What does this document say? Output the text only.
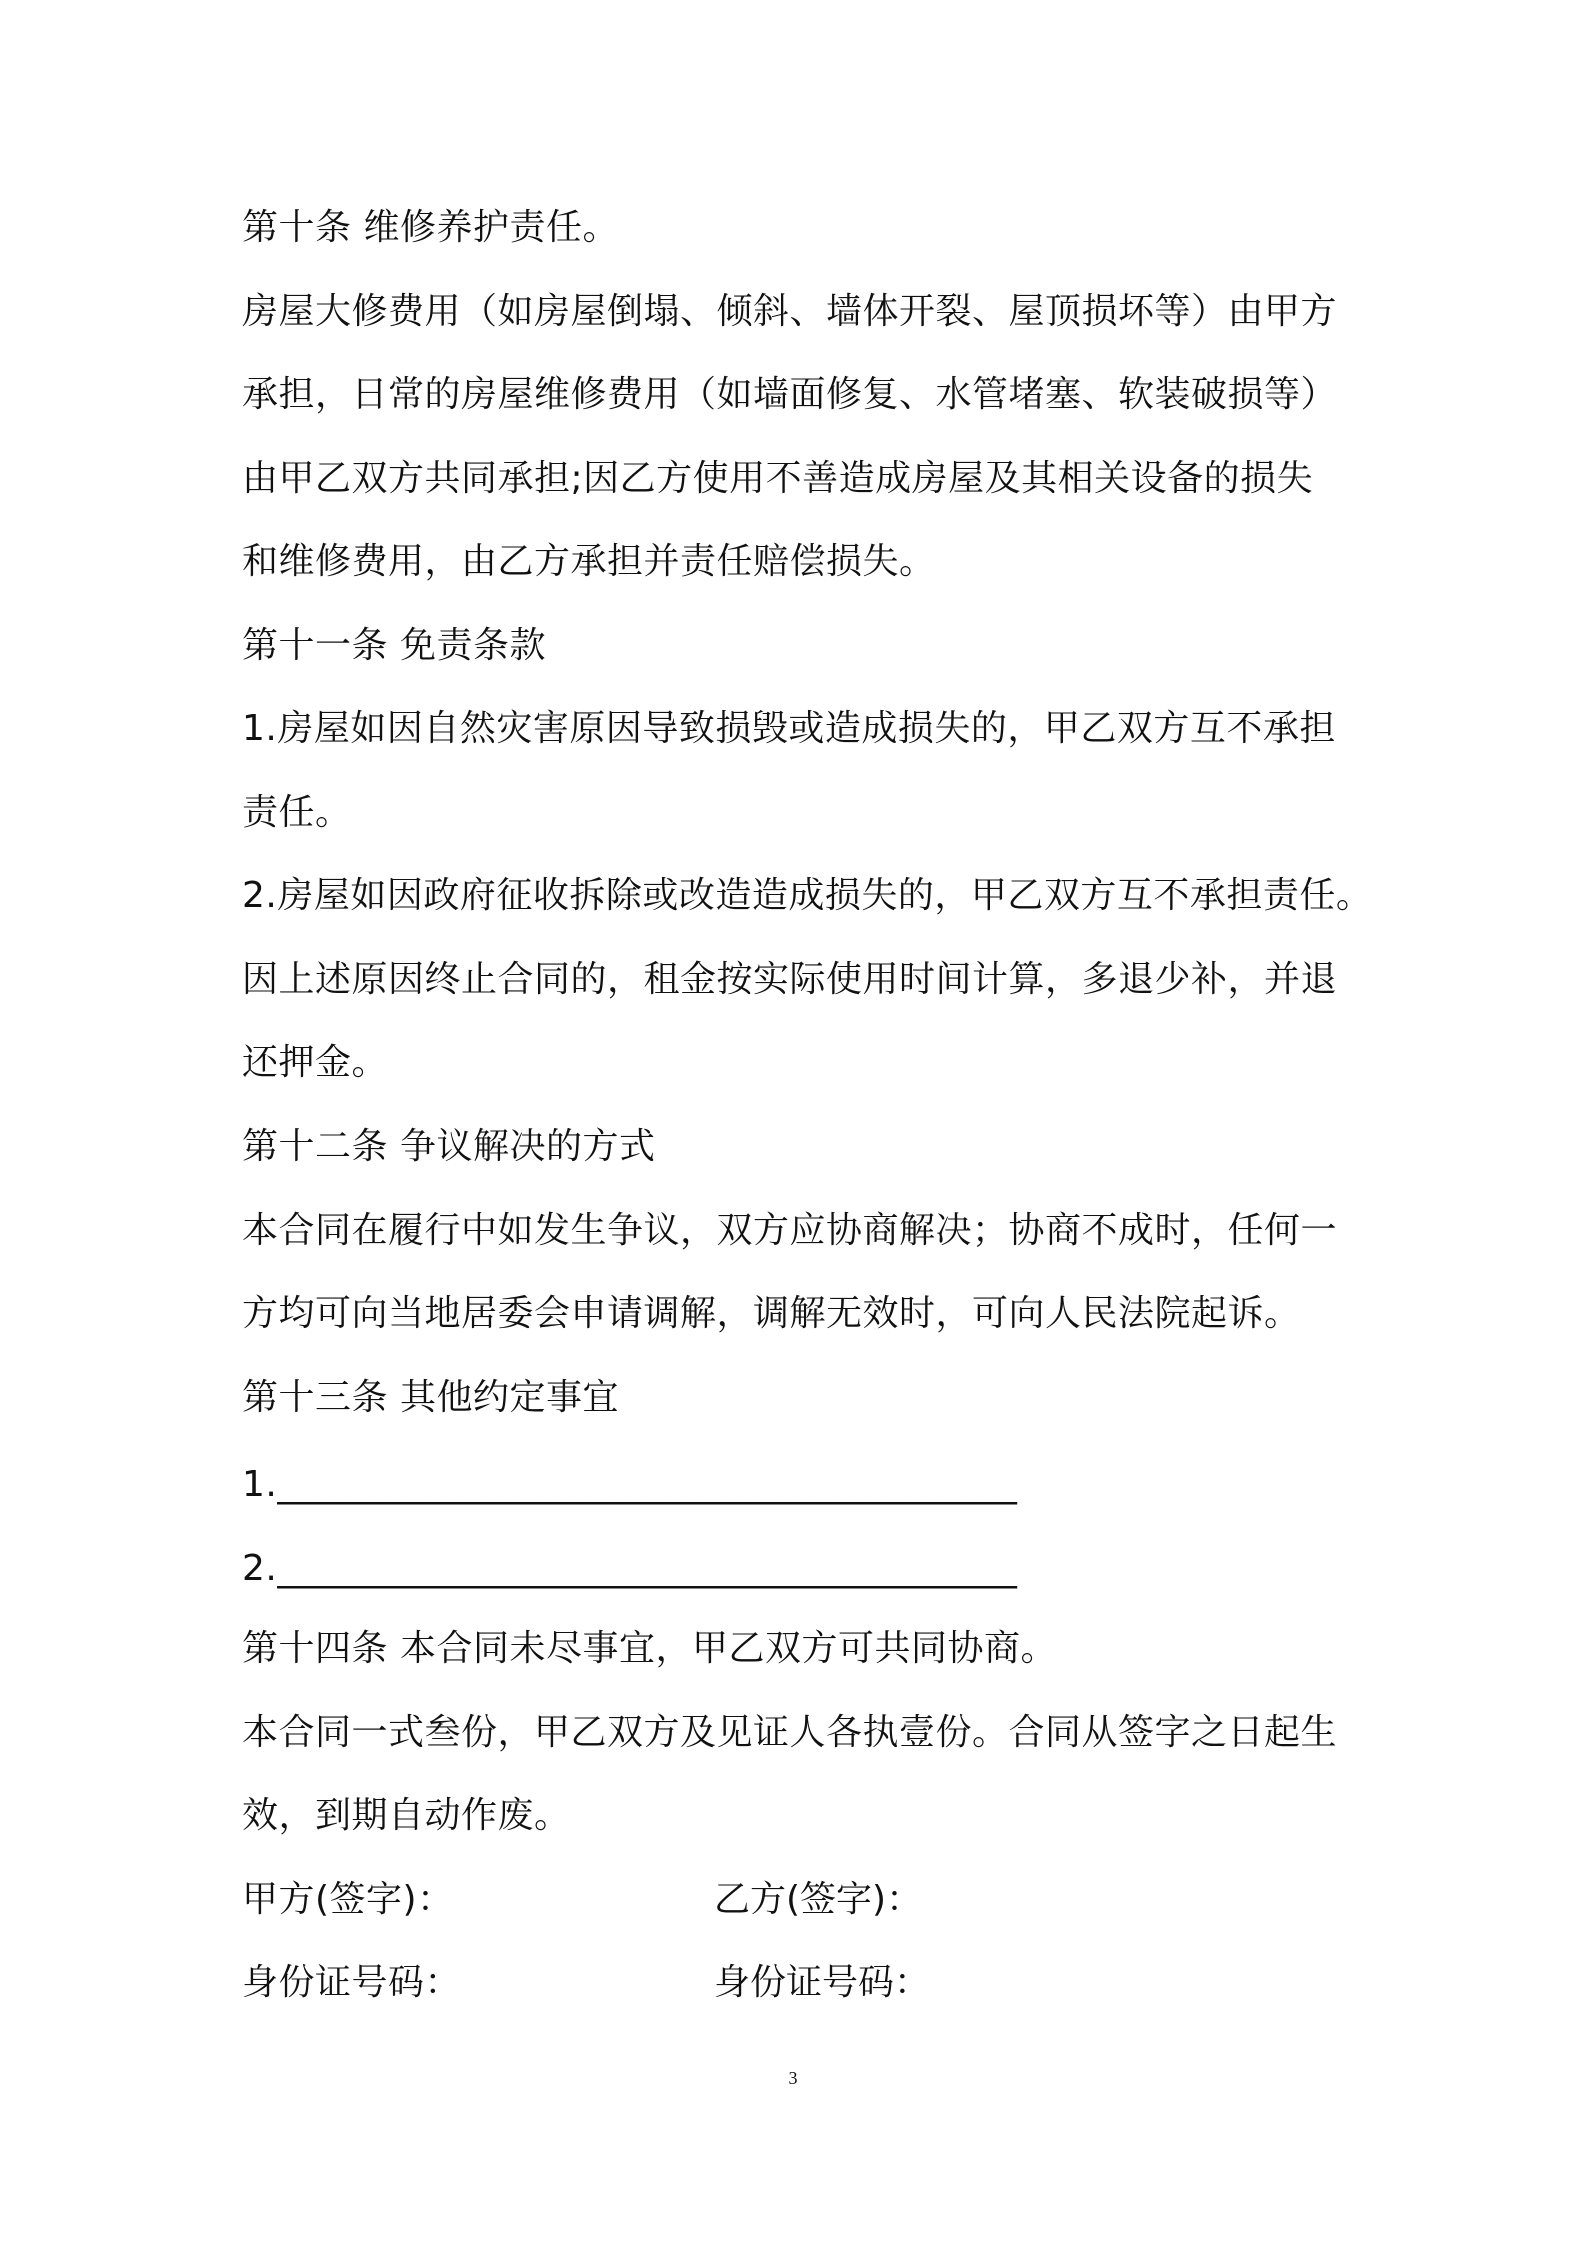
第十条 维修养护责任。
房屋大修费用（如房屋倒塌、倾斜、墙体开裂、屋顶损坏等）由甲方
承担，日常的房屋维修费用（如墙面修复、水管堵塞、软装破损等）
由甲乙双方共同承担;因乙方使用不善造成房屋及其相关设备的损失
和维修费用，由乙方承担并责任赔偿损失。
第十一条 免责条款
1.房屋如因自然灾害原因导致损毁或造成损失的，甲乙双方互不承担
责任。
2.房屋如因政府征收拆除或改造造成损失的，甲乙双方互不承担责任。
因上述原因终止合同的，租金按实际使用时间计算，多退少补，并退
还押金。
第十二条 争议解决的方式
本合同在履行中如发生争议，双方应协商解决；协商不成时，任何一
方均可向当地居委会申请调解，调解无效时，可向人民法院起诉。
第十三条 其他约定事宜
1.________________________________________
2.________________________________________
第十四条 本合同未尽事宜，甲乙双方可共同协商。
本合同一式叁份，甲乙双方及见证人各执壹份。合同从签字之日起生
效，到期自动作废。
甲方(签字)：	乙方(签字)：
身份证号码：	身份证号码：
3
